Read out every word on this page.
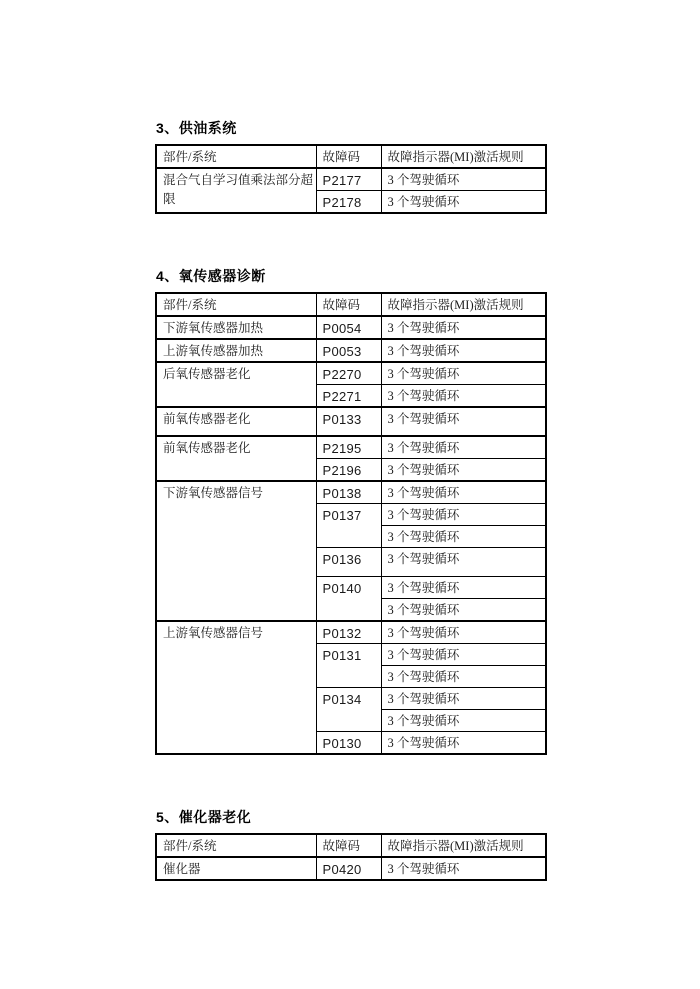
3、供油系统
部件/系统	故障码	故障指示器(MI)激活规则
混合气自学习值乘法部分超限	P2177	3 个驾驶循环
	P2178	3 个驾驶循环
4、氧传感器诊断
部件/系统	故障码	故障指示器(MI)激活规则
下游氧传感器加热	P0054	3 个驾驶循环
上游氧传感器加热	P0053	3 个驾驶循环
后氧传感器老化	P2270	3 个驾驶循环
	P2271	3 个驾驶循环
前氧传感器老化	P0133	3 个驾驶循环
前氧传感器老化	P2195	3 个驾驶循环
	P2196	3 个驾驶循环
下游氧传感器信号	P0138	3 个驾驶循环
	P0137	3 个驾驶循环
		3 个驾驶循环
	P0136	3 个驾驶循环
	P0140	3 个驾驶循环
		3 个驾驶循环
上游氧传感器信号	P0132	3 个驾驶循环
	P0131	3 个驾驶循环
		3 个驾驶循环
	P0134	3 个驾驶循环
		3 个驾驶循环
	P0130	3 个驾驶循环
5、催化器老化
部件/系统	故障码	故障指示器(MI)激活规则
催化器	P0420	3 个驾驶循环
